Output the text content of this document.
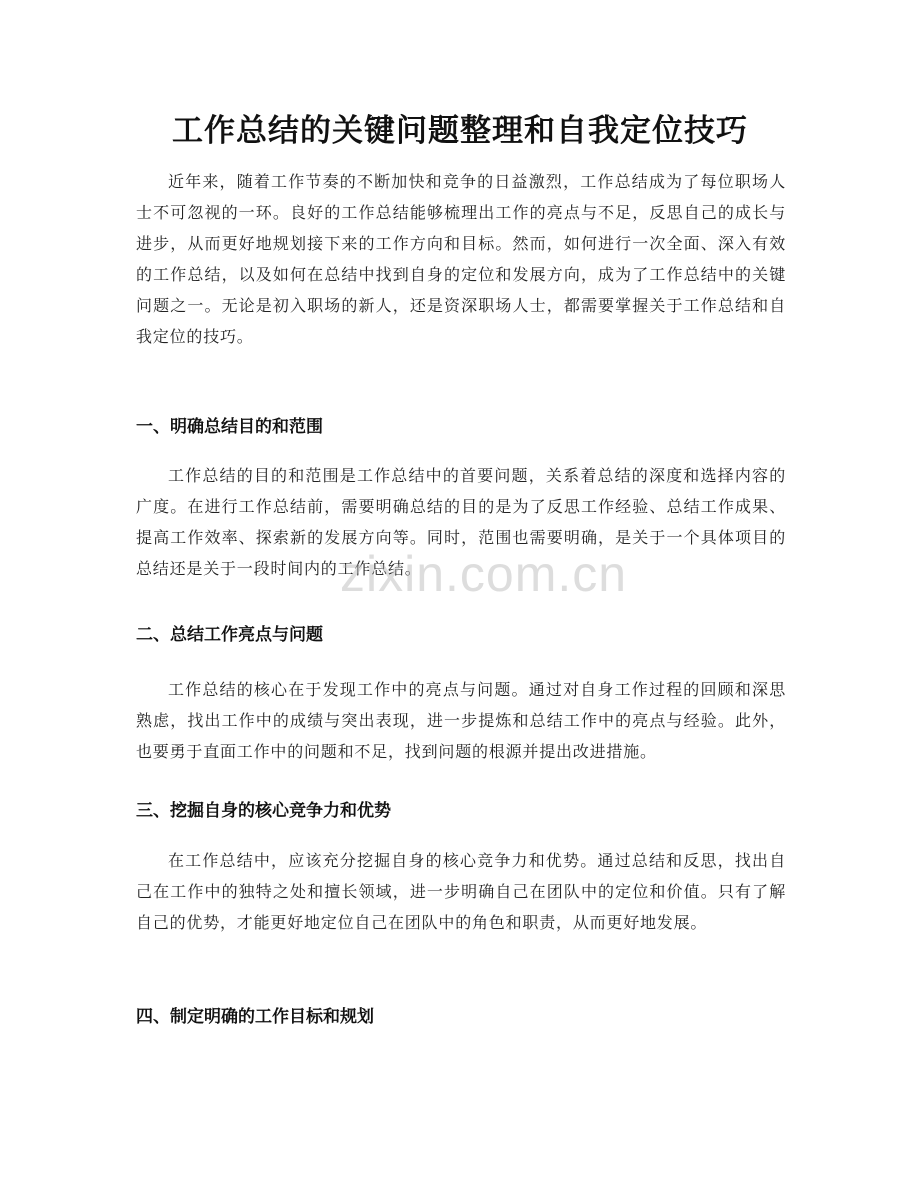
工作总结的关键问题整理和自我定位技巧

近年来，随着工作节奏的不断加快和竞争的日益激烈，工作总结成为了每位职场人士不可忽视的一环。良好的工作总结能够梳理出工作的亮点与不足，反思自己的成长与进步，从而更好地规划接下来的工作方向和目标。然而，如何进行一次全面、深入有效的工作总结，以及如何在总结中找到自身的定位和发展方向，成为了工作总结中的关键问题之一。无论是初入职场的新人，还是资深职场人士，都需要掌握关于工作总结和自我定位的技巧。

一、明确总结目的和范围

工作总结的目的和范围是工作总结中的首要问题，关系着总结的深度和选择内容的广度。在进行工作总结前，需要明确总结的目的是为了反思工作经验、总结工作成果、提高工作效率、探索新的发展方向等。同时，范围也需要明确，是关于一个具体项目的总结还是关于一段时间内的工作总结。

二、总结工作亮点与问题

工作总结的核心在于发现工作中的亮点与问题。通过对自身工作过程的回顾和深思熟虑，找出工作中的成绩与突出表现，进一步提炼和总结工作中的亮点与经验。此外，也要勇于直面工作中的问题和不足，找到问题的根源并提出改进措施。

三、挖掘自身的核心竞争力和优势

在工作总结中，应该充分挖掘自身的核心竞争力和优势。通过总结和反思，找出自己在工作中的独特之处和擅长领域，进一步明确自己在团队中的定位和价值。只有了解自己的优势，才能更好地定位自己在团队中的角色和职责，从而更好地发展。

四、制定明确的工作目标和规划
zixin.com.cn
